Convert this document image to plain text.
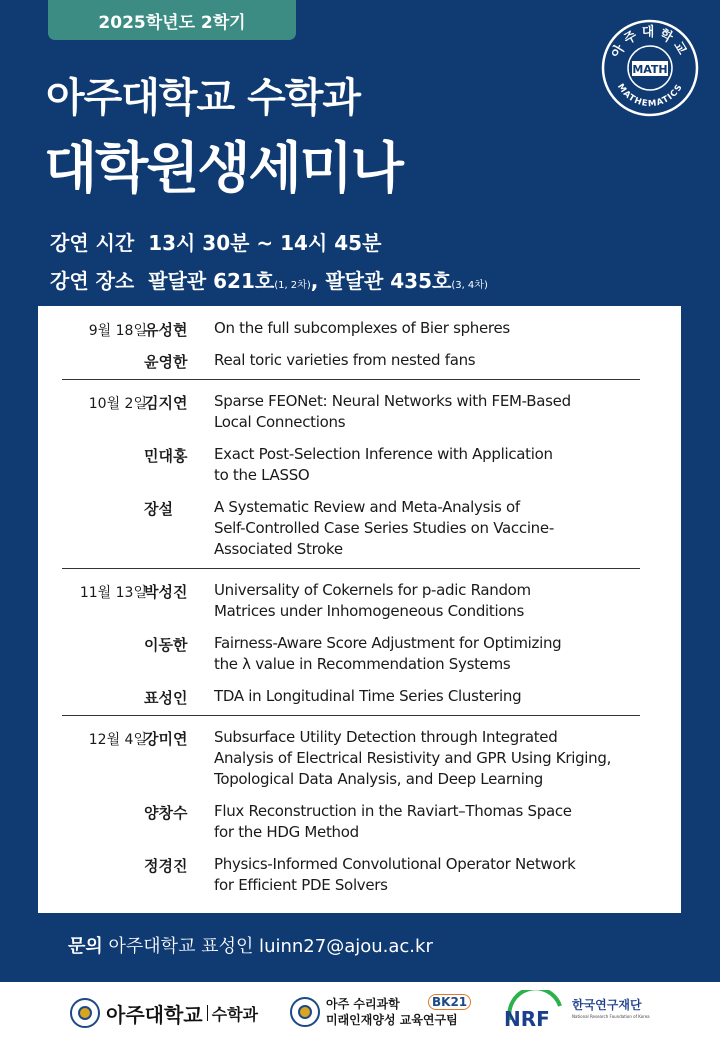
2025학년도 2학기
아주대학교 수학과
대학원생세미나
아주대학교
MATHEMATICS
MATH
강연 시간 13시 30분 ~ 14시 45분
강연 장소 팔달관 621호(1, 2차), 팔달관 435호(3, 4차)
9월 18일
유성현 On the full subcomplexes of Bier spheres
윤영한 Real toric varieties from nested fans
10월 2일
김지연 Sparse FEONet: Neural Networks with FEM-Based
Local Connections
민대홍 Exact Post-Selection Inference with Application
to the LASSO
장설	A Systematic Review and Meta-Analysis of
Self-Controlled Case Series Studies on Vaccine-
Associated Stroke
11월 13일
박성진 Universality of Cokernels for p-adic Random
Matrices under Inhomogeneous Conditions
이동한 Fairness-Aware Score Adjustment for Optimizing
the λ value in Recommendation Systems
표성인 TDA in Longitudinal Time Series Clustering
12월 4일
강미연 Subsurface Utility Detection through Integrated
Analysis of Electrical Resistivity and GPR Using Kriging,
Topological Data Analysis, and Deep Learning
양창수 Flux Reconstruction in the Raviart–Thomas Space
for the HDG Method
정경진 Physics-Informed Convolutional Operator Network
for Efficient PDE Solvers
문의 아주대학교 표성인 luinn27@ajou.ac.kr
아주대학교 수학과
아주 수리과학
미래인재양성 교육연구팀
BK21
NRF
한국연구재단
National Research Foundation of Korea
